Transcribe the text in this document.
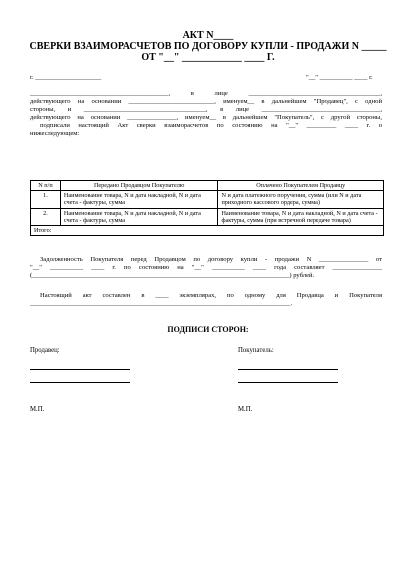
АКТ N____
СВЕРКИ ВЗАИМОРАСЧЕТОВ ПО ДОГОВОРУ КУПЛИ - ПРОДАЖИ N _____
ОТ "__" ____________ ____ Г.
г. ____________________	"__" __________ ____ г.
__________________________________________, в лице ________________________________________,
действующего на основании __________________________, именуем__ в дальнейшем "Продавец", с одной
стороны, и _____________________________________, в лице ____________________________________,
действующего на основании _______________, именуем__ в дальнейшем "Покупатель", с другой стороны,
подписали настоящий Акт сверки взаиморасчетов по состоянию на "__" _________ ____ г. о
нижеследующем:
N п/п	Передано Продавцом Покупателю	Оплачено Покупателем Продавцу
1.	Наименование товара, N и дата накладной, N и дата счета - фактуры, сумма	N и дата платежного поручения, сумма (или N и дата приходного кассового ордера, сумма)
2.	Наименование товара, N и дата накладной, N и дата счета - фактуры, сумма	Наименование товара, N и дата накладной, N и дата счета - фактуры, сумма (при встречной передаче товара)
Итого:		
Задолженность Покупателя перед Продавцом по договору купли - продажи N _______________ от
"__" __________ ____ г. по состоянию на "__" __________ ____ года составляет _______________
(______________________________________________________________________________) рублей.
Настоящий акт составлен в ____ экземплярах, по одному для Продавца и Покупателя
_______________________________________________________________________________.
ПОДПИСИ СТОРОН:
Продавец:	Покупатель:
М.П.	М.П.
